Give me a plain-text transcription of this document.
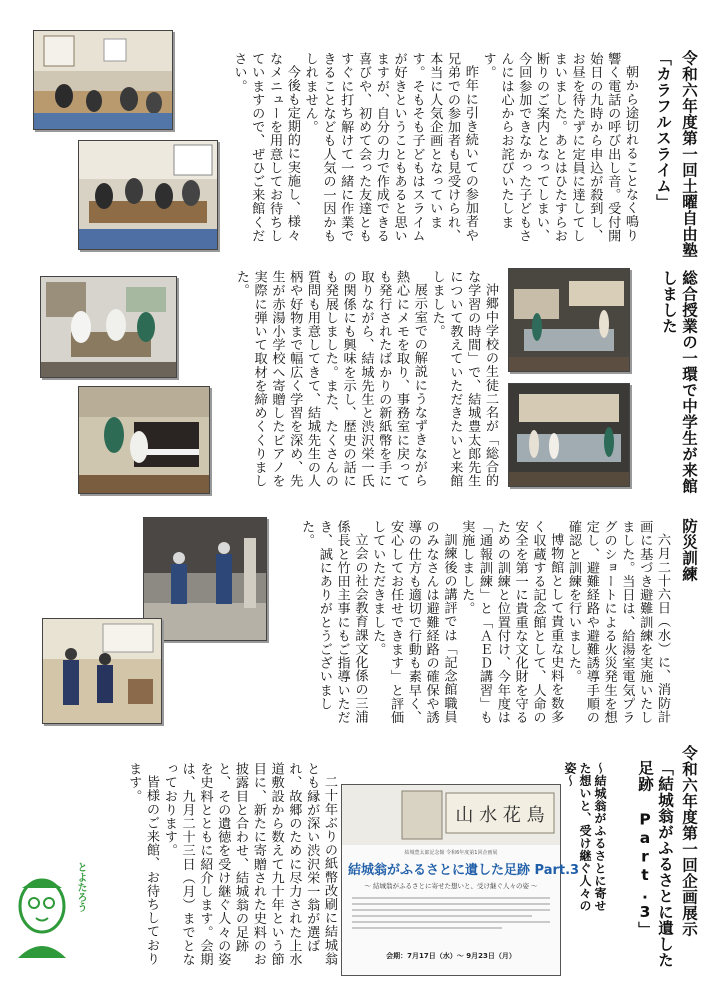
令和六年度第一回土曜自由塾
「カラフルスライム」

朝から途切れることなく鳴り響く電話の呼び出し音。受付開始日の九時から申込が殺到し、お昼を待たずに定員に達してしまいました。あとはひたすらお断りのご案内となってしまい、今回参加できなかった子どもさんには心からお詫びいたします。

昨年に引き続いての参加者や兄弟での参加者も見受けられ、本当に人気企画となっています。そもそも子どもはスライムが好きということもあると思いますが、自分の力で作成できる喜びや、初めて会った友達ともすぐに打ち解けて一緒に作業できることなども人気の一因かもしれません。

今後も定期的に実施し、様々なメニューを用意してお待ちしていますので、ぜひご来館ください。

総合授業の一環で中学生が来館しました

沖郷中学校の生徒二名が「総合的な学習の時間」で、結城豊太郎先生について教えていただきたいと来館しました。

展示室での解説にうなずきながら熱心にメモを取り、事務室に戻っても発行されたばかりの新紙幣を手に取りながら、結城先生と渋沢栄一氏の関係にも興味を示し、歴史の話にも発展しました。また、たくさんの質問も用意してきて、結城先生の人柄や好物まで幅広く学習を深め、先生が赤湯小学校へ寄贈したピアノを実際に弾いて取材を締めくくりました。

防災訓練

六月二十六日（水）に、消防計画に基づき避難訓練を実施いたしました。当日は、給湯室電気プラグのショートによる火災発生を想定し、避難経路や避難誘導手順の確認と訓練を行いました。

博物館として貴重な史料を数多く収蔵する記念館として、人命の安全を第一に貴重な文化財を守るための訓練と位置付け、今年度は「通報訓練」と「ＡＥＤ講習」も実施しました。

訓練後の講評では「記念館職員のみなさんは避難経路の確保や誘導の仕方も適切で行動も素早く、安心してお任せできます」と評価していただきました。

立会の社会教育課文化係の三浦係長と竹田主事にもご指導いただき、誠にありがとうございました。

令和六年度第一回企画展示
「結城翁がふるさとに遺した足跡 Part.3」
～結城翁がふるさとに寄せた想いと、受け継ぐ人々の姿～
山 水 花 鳥
結城豊太郎記念館 令和6年度第1回企画展
結城翁がふるさとに遺した足跡 Part.3
～ 結城翁がふるさとに寄せた想いと、受け継ぐ人々の姿 ～
会期：7月17日（水）～ 9月23日（月）

二十年ぶりの紙幣改刷に結城翁とも縁が深い渋沢栄一翁が選ばれ、故郷のために尽力された上水道敷設から数えて九十年という節目に、新たに寄贈された史料のお披露目と合わせ、結城翁の足跡と、その遺徳を受け継ぐ人々の姿を史料とともに紹介します。会期は、九月二十三日（月）までとなっております。

皆様のご来館、お待ちしております。

とよたろう
